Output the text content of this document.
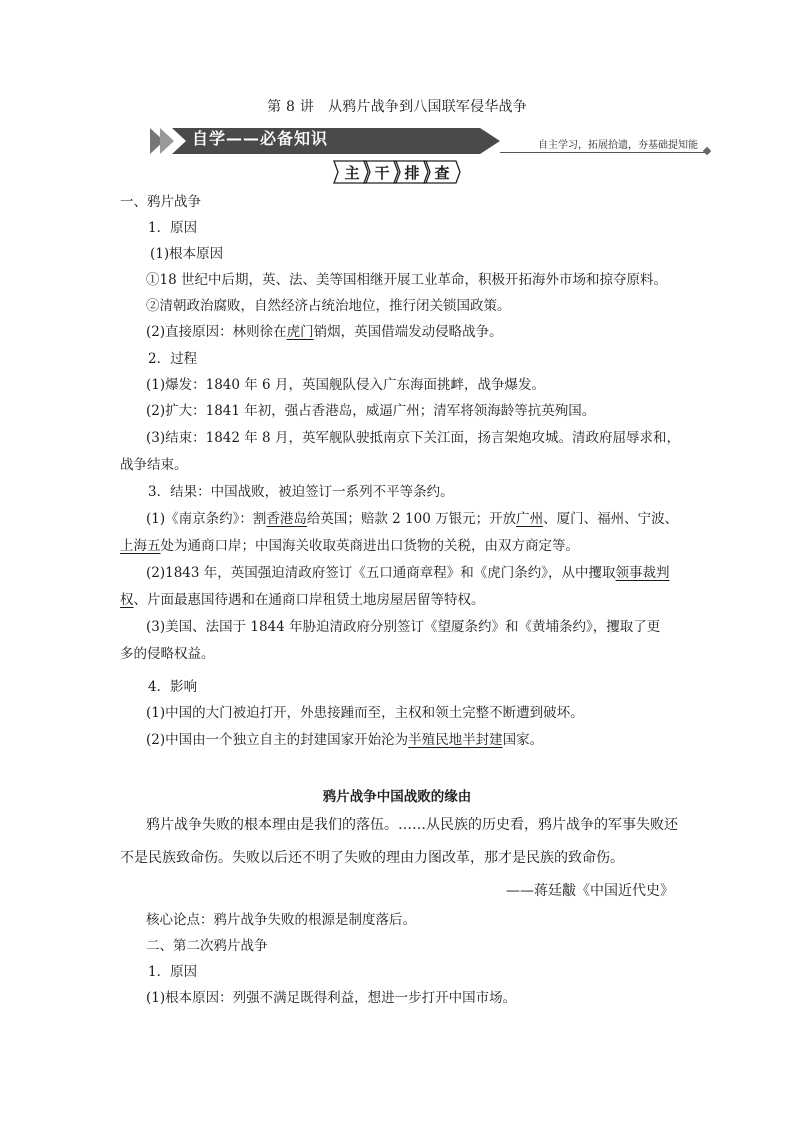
第 8 讲　从鸦片战争到八国联军侵华战争
自学——必备知识	自主学习，拓展拾遗，夯基础提知能
主 干 排 查
一、鸦片战争
1．原因
(1)根本原因
①18 世纪中后期，英、法、美等国相继开展工业革命，积极开拓海外市场和掠夺原料。
②清朝政治腐败，自然经济占统治地位，推行闭关锁国政策。
(2)直接原因：林则徐在虎门销烟，英国借端发动侵略战争。
2．过程
(1)爆发：1840 年 6 月，英国舰队侵入广东海面挑衅，战争爆发。
(2)扩大：1841 年初，强占香港岛，威逼广州；清军将领海龄等抗英殉国。
(3)结束：1842 年 8 月，英军舰队驶抵南京下关江面，扬言架炮攻城。清政府屈辱求和，
战争结束。
3．结果：中国战败，被迫签订一系列不平等条约。
(1)《南京条约》：割香港岛给英国；赔款 2 100 万银元；开放广州、厦门、福州、宁波、
上海五处为通商口岸；中国海关收取英商进出口货物的关税，由双方商定等。
(2)1843 年，英国强迫清政府签订《五口通商章程》和《虎门条约》，从中攫取领事裁判
权、片面最惠国待遇和在通商口岸租赁土地房屋居留等特权。
(3)美国、法国于 1844 年胁迫清政府分别签订《望厦条约》和《黄埔条约》，攫取了更
多的侵略权益。
4．影响
(1)中国的大门被迫打开，外患接踵而至，主权和领土完整不断遭到破坏。
(2)中国由一个独立自主的封建国家开始沦为半殖民地半封建国家。
鸦片战争中国战败的缘由
鸦片战争失败的根本理由是我们的落伍。……从民族的历史看，鸦片战争的军事失败还
不是民族致命伤。失败以后还不明了失败的理由力图改革，那才是民族的致命伤。
——蒋廷黻《中国近代史》
核心论点：鸦片战争失败的根源是制度落后。
二、第二次鸦片战争
1．原因
(1)根本原因：列强不满足既得利益，想进一步打开中国市场。
